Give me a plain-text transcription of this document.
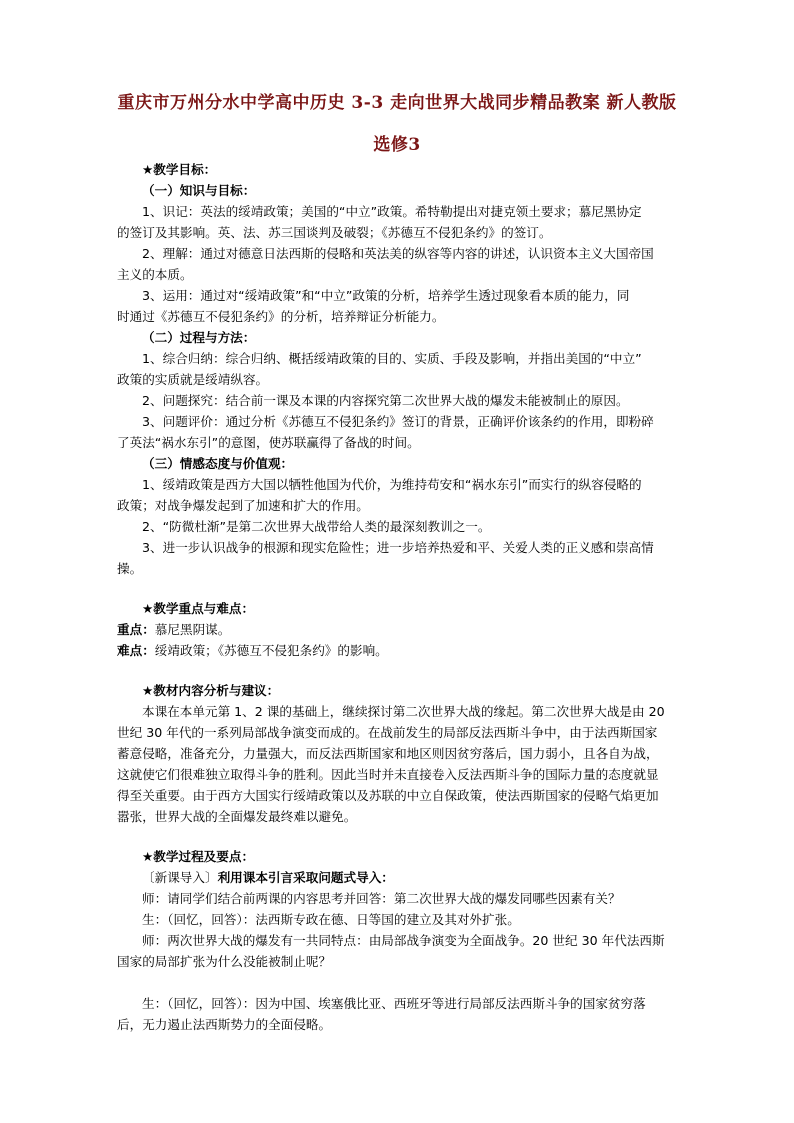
重庆市万州分水中学高中历史 3-3 走向世界大战同步精品教案 新人教版
选修3
★教学目标：
（一）知识与目标：
1、识记：英法的绥靖政策；美国的“中立”政策。希特勒提出对捷克领土要求；慕尼黑协定
的签订及其影响。英、法、苏三国谈判及破裂；《苏德互不侵犯条约》的签订。
2、理解：通过对德意日法西斯的侵略和英法美的纵容等内容的讲述，认识资本主义大国帝国
主义的本质。
3、运用：通过对“绥靖政策”和“中立”政策的分析，培养学生透过现象看本质的能力，同
时通过《苏德互不侵犯条约》的分析，培养辩证分析能力。
（二）过程与方法：
1、综合归纳：综合归纳、概括绥靖政策的目的、实质、手段及影响，并指出美国的“中立”
政策的实质就是绥靖纵容。
2、问题探究：结合前一课及本课的内容探究第二次世界大战的爆发未能被制止的原因。
3、问题评价：通过分析《苏德互不侵犯条约》签订的背景，正确评价该条约的作用，即粉碎
了英法“祸水东引”的意图，使苏联赢得了备战的时间。
（三）情感态度与价值观：
1、绥靖政策是西方大国以牺牲他国为代价，为维持苟安和“祸水东引”而实行的纵容侵略的
政策；对战争爆发起到了加速和扩大的作用。
2、“防微杜渐”是第二次世界大战带给人类的最深刻教训之一。
3、进一步认识战争的根源和现实危险性；进一步培养热爱和平、关爱人类的正义感和崇高情
操。
★教学重点与难点：
重点：慕尼黑阴谋。
难点：绥靖政策；《苏德互不侵犯条约》的影响。
★教材内容分析与建议：
本课在本单元第 1、2 课的基础上，继续探讨第二次世界大战的缘起。第二次世界大战是由 20
世纪 30 年代的一系列局部战争演变而成的。在战前发生的局部反法西斯斗争中，由于法西斯国家
蓄意侵略，准备充分，力量强大，而反法西斯国家和地区则因贫穷落后，国力弱小，且各自为战，
这就使它们很难独立取得斗争的胜利。因此当时并未直接卷入反法西斯斗争的国际力量的态度就显
得至关重要。由于西方大国实行绥靖政策以及苏联的中立自保政策，使法西斯国家的侵略气焰更加
嚣张，世界大战的全面爆发最终难以避免。
★教学过程及要点：
〔新课导入〕利用课本引言采取问题式导入：
师：请同学们结合前两课的内容思考并回答：第二次世界大战的爆发同哪些因素有关？
生：（回忆，回答）：法西斯专政在德、日等国的建立及其对外扩张。
师：两次世界大战的爆发有一共同特点：由局部战争演变为全面战争。20 世纪 30 年代法西斯
国家的局部扩张为什么没能被制止呢？
生：（回忆，回答）：因为中国、埃塞俄比亚、西班牙等进行局部反法西斯斗争的国家贫穷落
后，无力遏止法西斯势力的全面侵略。
